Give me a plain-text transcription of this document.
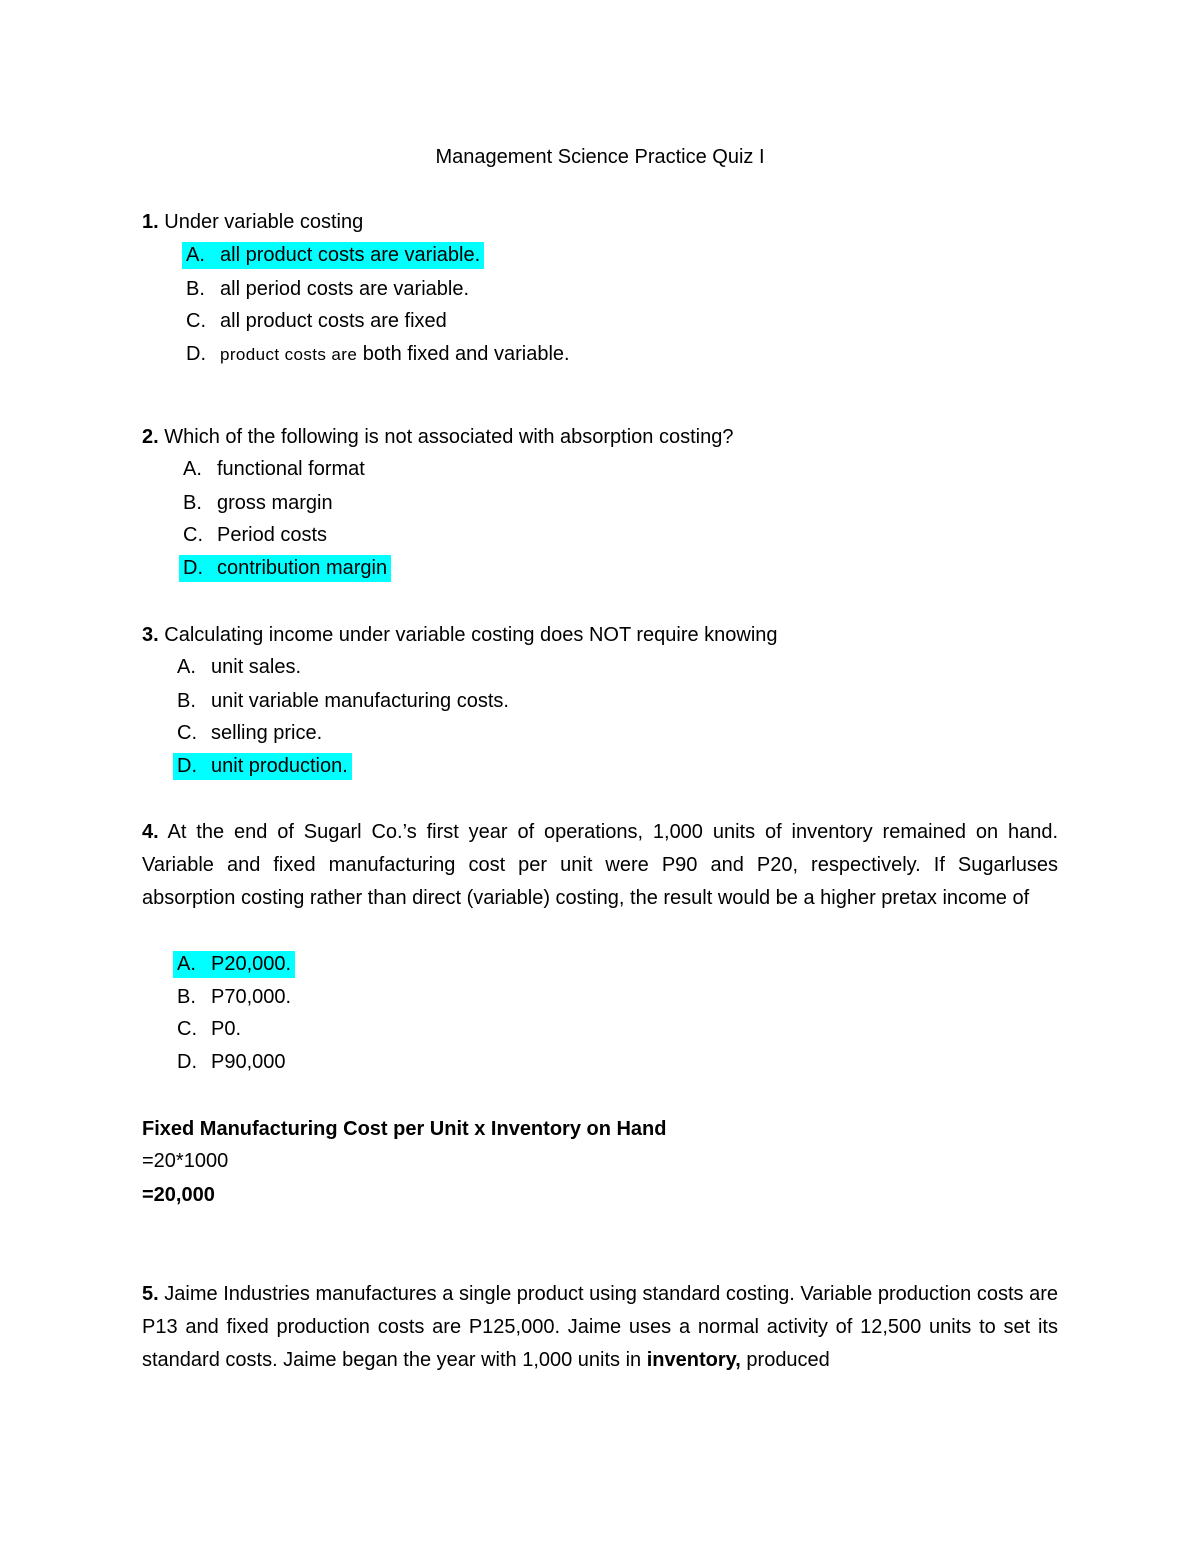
Management Science Practice Quiz I
1. Under variable costing
A. all product costs are variable.
B. all period costs are variable.
C. all product costs are fixed
D. product costs are both fixed and variable.
2. Which of the following is not associated with absorption costing?
A. functional format
B. gross margin
C. Period costs
D. contribution margin
3. Calculating income under variable costing does NOT require knowing
A. unit sales.
B. unit variable manufacturing costs.
C. selling price.
D. unit production.
4. At the end of Sugarl Co.’s first year of operations, 1,000 units of inventory remained on hand. Variable and fixed manufacturing cost per unit were P90 and P20, respectively. If Sugarluses absorption costing rather than direct (variable) costing, the result would be a higher pretax income of
A. P20,000.
B. P70,000.
C. P0.
D. P90,000
Fixed Manufacturing Cost per Unit x Inventory on Hand
=20*1000
=20,000
5. Jaime Industries manufactures a single product using standard costing. Variable production costs are P13 and fixed production costs are P125,000. Jaime uses a normal activity of 12,500 units to set its standard costs. Jaime began the year with 1,000 units in inventory, produced
